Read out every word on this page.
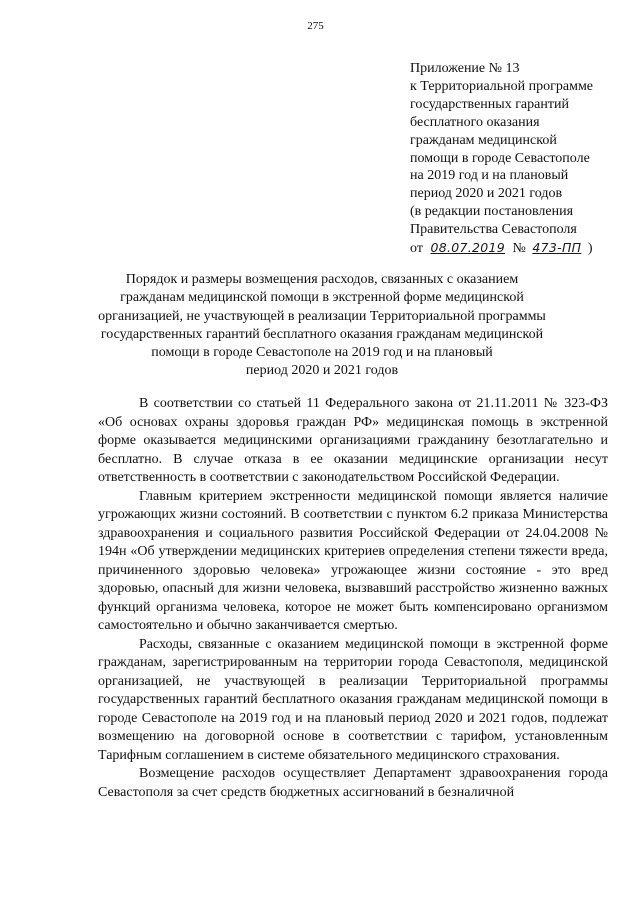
275
Приложение № 13
к Территориальной программе
государственных гарантий
бесплатного оказания
гражданам медицинской
помощи в городе Севастополе
на 2019 год и на плановый
период 2020 и 2021 годов
(в редакции постановления
Правительства Севастополя
от 08.07.2019 № 473-ПП )
Порядок и размеры возмещения расходов, связанных с оказанием
гражданам медицинской помощи в экстренной форме медицинской
организацией, не участвующей в реализации Территориальной программы
государственных гарантий бесплатного оказания гражданам медицинской
помощи в городе Севастополе на 2019 год и на плановый
период 2020 и 2021 годов

В соответствии со статьей 11 Федерального закона от 21.11.2011 № 323-ФЗ «Об основах охраны здоровья граждан РФ» медицинская помощь в экстренной форме оказывается медицинскими организациями гражданину безотлагательно и бесплатно. В случае отказа в ее оказании медицинские организации несут ответственность в соответствии с законодательством Российской Федерации.

Главным критерием экстренности медицинской помощи является наличие угрожающих жизни состояний. В соответствии с пунктом 6.2 приказа Министерства здравоохранения и социального развития Российской Федерации от 24.04.2008 № 194н «Об утверждении медицинских критериев определения степени тяжести вреда, причиненного здоровью человека» угрожающее жизни состояние - это вред здоровью, опасный для жизни человека, вызвавший расстройство жизненно важных функций организма человека, которое не может быть компенсировано организмом самостоятельно и обычно заканчивается смертью.

Расходы, связанные с оказанием медицинской помощи в экстренной форме гражданам, зарегистрированным на территории города Севастополя, медицинской организацией, не участвующей в реализации Территориальной программы государственных гарантий бесплатного оказания гражданам медицинской помощи в городе Севастополе на 2019 год и на плановый период 2020 и 2021 годов, подлежат возмещению на договорной основе в соответствии с тарифом, установленным Тарифным соглашением в системе обязательного медицинского страхования.

Возмещение расходов осуществляет Департамент здравоохранения города Севастополя за счет средств бюджетных ассигнований в безналичной
